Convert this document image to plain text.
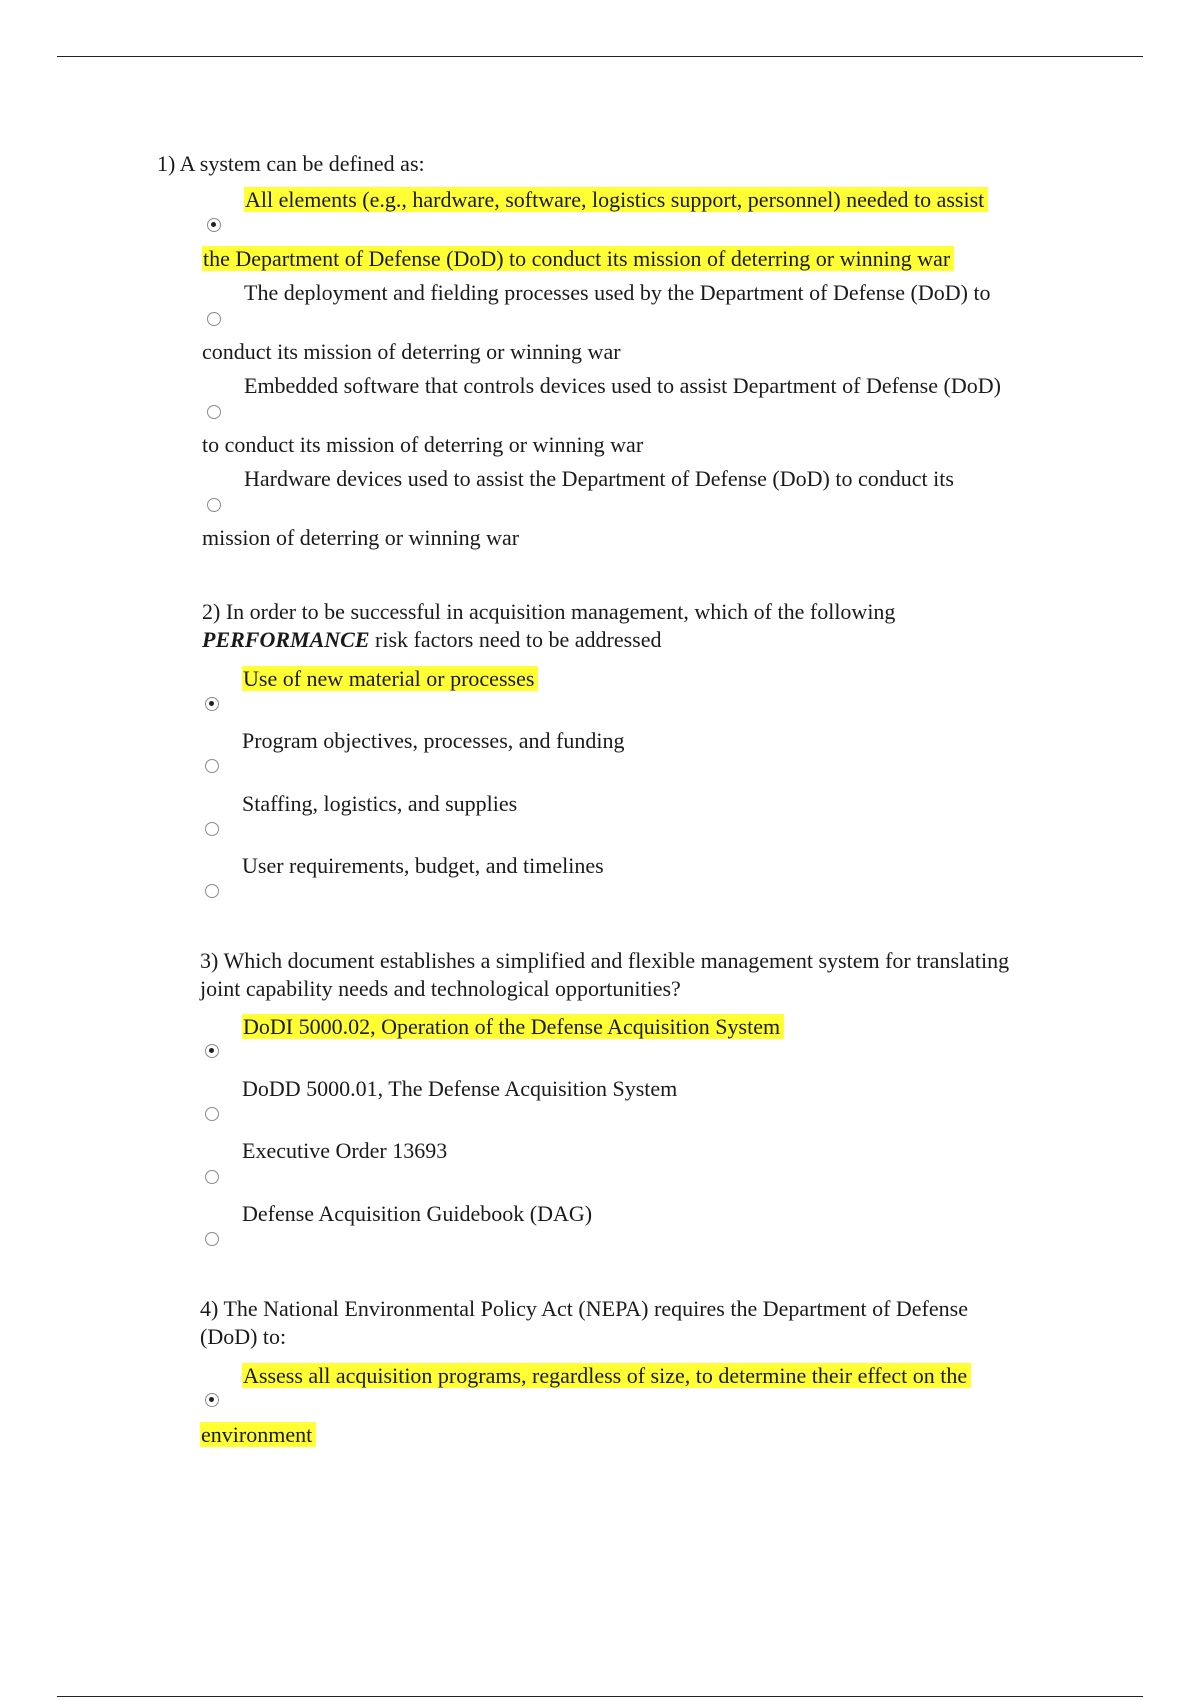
1) A system can be defined as:
All elements (e.g., hardware, software, logistics support, personnel) needed to assist
the Department of Defense (DoD) to conduct its mission of deterring or winning war
The deployment and fielding processes used by the Department of Defense (DoD) to
conduct its mission of deterring or winning war
Embedded software that controls devices used to assist Department of Defense (DoD)
to conduct its mission of deterring or winning war
Hardware devices used to assist the Department of Defense (DoD) to conduct its
mission of deterring or winning war
2) In order to be successful in acquisition management, which of the following
PERFORMANCE risk factors need to be addressed
Use of new material or processes
Program objectives, processes, and funding
Staffing, logistics, and supplies
User requirements, budget, and timelines
3) Which document establishes a simplified and flexible management system for translating
joint capability needs and technological opportunities?
DoDI 5000.02, Operation of the Defense Acquisition System
DoDD 5000.01, The Defense Acquisition System
Executive Order 13693
Defense Acquisition Guidebook (DAG)
4) The National Environmental Policy Act (NEPA) requires the Department of Defense
(DoD) to:
Assess all acquisition programs, regardless of size, to determine their effect on the
environment
